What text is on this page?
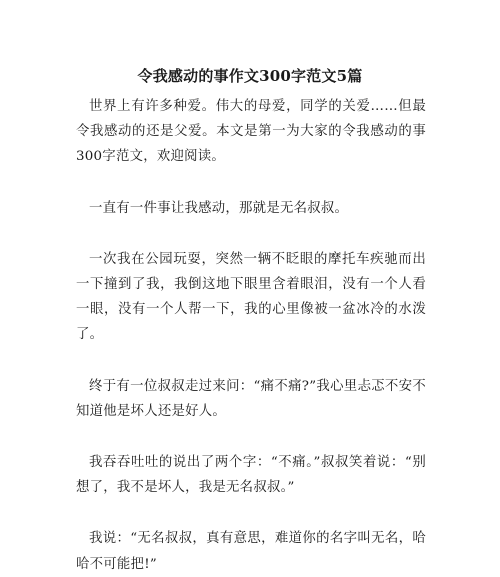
令我感动的事作文300字范文5篇

世界上有许多种爱。伟大的母爱，同学的关爱……但最令我感动的还是父爱。本文是第一为大家的令我感动的事300字范文，欢迎阅读。

一直有一件事让我感动，那就是无名叔叔。

一次我在公园玩耍，突然一辆不眨眼的摩托车疾驰而出一下撞到了我，我倒这地下眼里含着眼泪，没有一个人看一眼，没有一个人帮一下，我的心里像被一盆冰冷的水泼了。

终于有一位叔叔走过来问：“痛不痛?”我心里忐忑不安不知道他是坏人还是好人。

我吞吞吐吐的说出了两个字：“不痛。”叔叔笑着说：“别想了，我不是坏人，我是无名叔叔。”

我说：“无名叔叔，真有意思，难道你的名字叫无名，哈哈不可能把!”
